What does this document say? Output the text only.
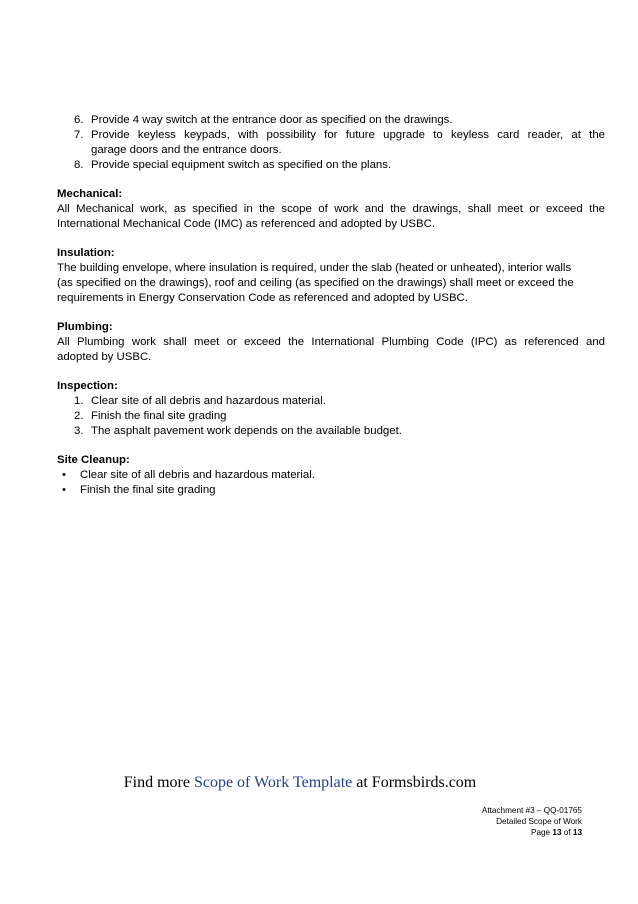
6. Provide 4 way switch at the entrance door as specified on the drawings.
7. Provide keyless keypads, with possibility for future upgrade to keyless card reader, at the
garage doors and the entrance doors.
8. Provide special equipment switch as specified on the plans.
Mechanical:
All Mechanical work, as specified in the scope of work and the drawings, shall meet or exceed the
International Mechanical Code (IMC) as referenced and adopted by USBC.
Insulation:
The building envelope, where insulation is required, under the slab (heated or unheated), interior walls
(as specified on the drawings), roof and ceiling (as specified on the drawings) shall meet or exceed the
requirements in Energy Conservation Code as referenced and adopted by USBC.
Plumbing:
All Plumbing work shall meet or exceed the International Plumbing Code (IPC) as referenced and
adopted by USBC.
Inspection:
1. Clear site of all debris and hazardous material.
2. Finish the final site grading
3. The asphalt pavement work depends on the available budget.
Site Cleanup:
• Clear site of all debris and hazardous material.
• Finish the final site grading
Find more Scope of Work Template at Formsbirds.com
Attachment #3 – QQ-01765
Detailed Scope of Work
Page 13 of 13
